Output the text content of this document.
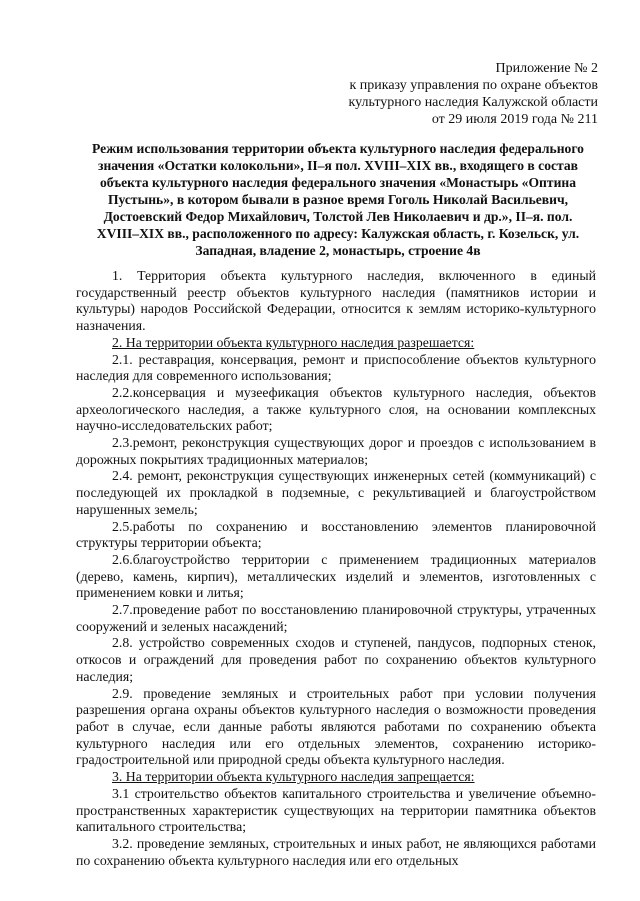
Приложение № 2
к приказу управления по охране объектов
культурного наследия Калужской области
от 29 июля 2019 года № 211
Режим использования территории объекта культурного наследия федерального значения «Остатки колокольни», II–я пол. XVIII–XIX вв., входящего в состав объекта культурного наследия федерального значения «Монастырь «Оптина Пустынь», в котором бывали в разное время Гоголь Николай Васильевич, Достоевский Федор Михайлович, Толстой Лев Николаевич и др.», II–я. пол. XVIII–XIX вв., расположенного по адресу: Калужская область, г. Козельск, ул. Западная, владение 2, монастырь, строение 4в

1. Территория объекта культурного наследия, включенного в единый государственный реестр объектов культурного наследия (памятников истории и культуры) народов Российской Федерации, относится к землям историко-культурного назначения.

2. На территории объекта культурного наследия разрешается:

2.1. реставрация, консервация, ремонт и приспособление объектов культурного наследия для современного использования;

2.2.консервация и музеефикация объектов культурного наследия, объектов археологического наследия, а также культурного слоя, на основании комплексных научно-исследовательских работ;

2.3.ремонт, реконструкция существующих дорог и проездов с использованием в дорожных покрытиях традиционных материалов;

2.4. ремонт, реконструкция существующих инженерных сетей (коммуникаций) с последующей их прокладкой в подземные, с рекультивацией и благоустройством нарушенных земель;

2.5.работы по сохранению и восстановлению элементов планировочной структуры территории объекта;

2.6.благоустройство территории с применением традиционных материалов (дерево, камень, кирпич), металлических изделий и элементов, изготовленных с применением ковки и литья;

2.7.проведение работ по восстановлению планировочной структуры, утраченных сооружений и зеленых насаждений;

2.8. устройство современных сходов и ступеней, пандусов, подпорных стенок, откосов и ограждений для проведения работ по сохранению объектов культурного наследия;

2.9. проведение земляных и строительных работ при условии получения разрешения органа охраны объектов культурного наследия о возможности проведения работ в случае, если данные работы являются работами по сохранению объекта культурного наследия или его отдельных элементов, сохранению историко-градостроительной или природной среды объекта культурного наследия.

3. На территории объекта культурного наследия запрещается:

3.1 строительство объектов капитального строительства и увеличение объемно-пространственных характеристик существующих на территории памятника объектов капитального строительства;

3.2. проведение земляных, строительных и иных работ, не являющихся работами по сохранению объекта культурного наследия или его отдельных
